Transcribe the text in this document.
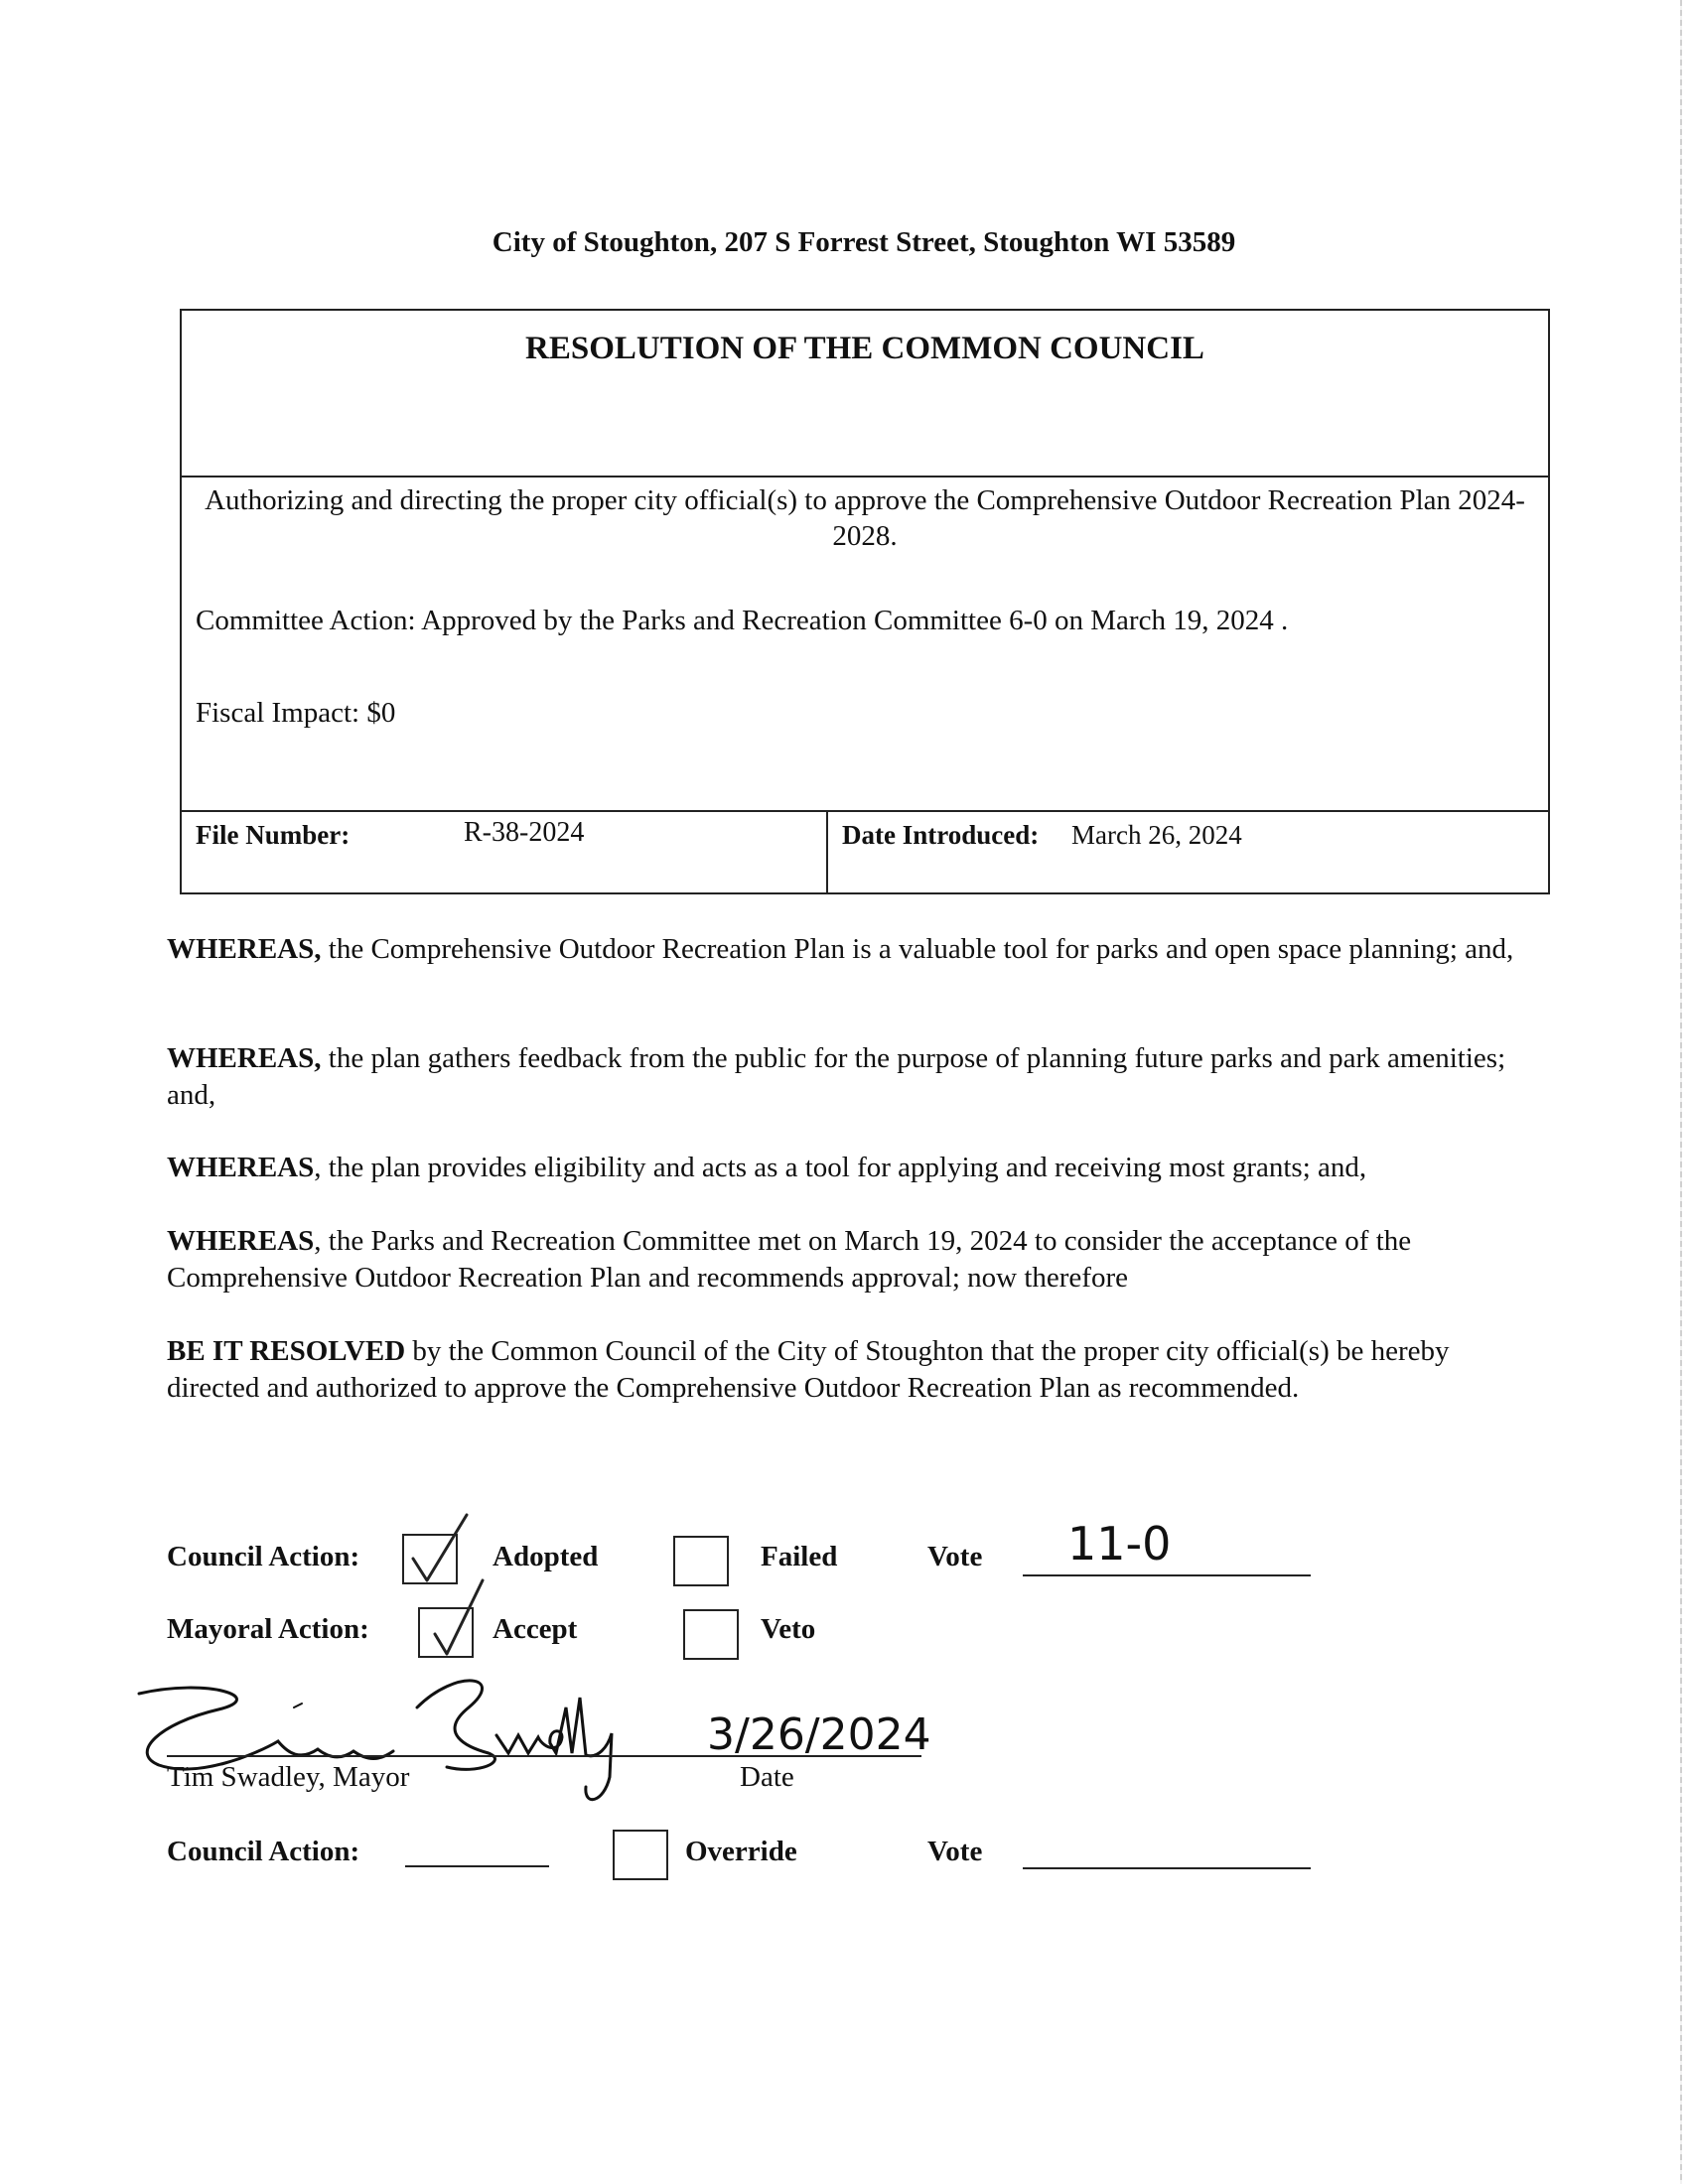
City of Stoughton, 207 S Forrest Street, Stoughton WI 53589
RESOLUTION OF THE COMMON COUNCIL
Authorizing and directing the proper city official(s) to approve the Comprehensive Outdoor Recreation Plan 2024-2028.
Committee Action: Approved by the Parks and Recreation Committee 6-0 on March 19, 2024 .
Fiscal Impact: $0
File Number:	R-38-2024	Date Introduced: March 26, 2024
WHEREAS, the Comprehensive Outdoor Recreation Plan is a valuable tool for parks and open space planning; and,
WHEREAS, the plan gathers feedback from the public for the purpose of planning future parks and park amenities; and,
WHEREAS, the plan provides eligibility and acts as a tool for applying and receiving most grants; and,
WHEREAS, the Parks and Recreation Committee met on March 19, 2024 to consider the acceptance of the Comprehensive Outdoor Recreation Plan and recommends approval; now therefore
BE IT RESOLVED by the Common Council of the City of Stoughton that the proper city official(s) be hereby directed and authorized to approve the Comprehensive Outdoor Recreation Plan as recommended.
Council Action:	Adopted	Failed	Vote 11-0
Mayoral Action:	Accept	Veto
3/26/2024
Tim Swadley, Mayor	Date
Council Action:	Override	Vote
